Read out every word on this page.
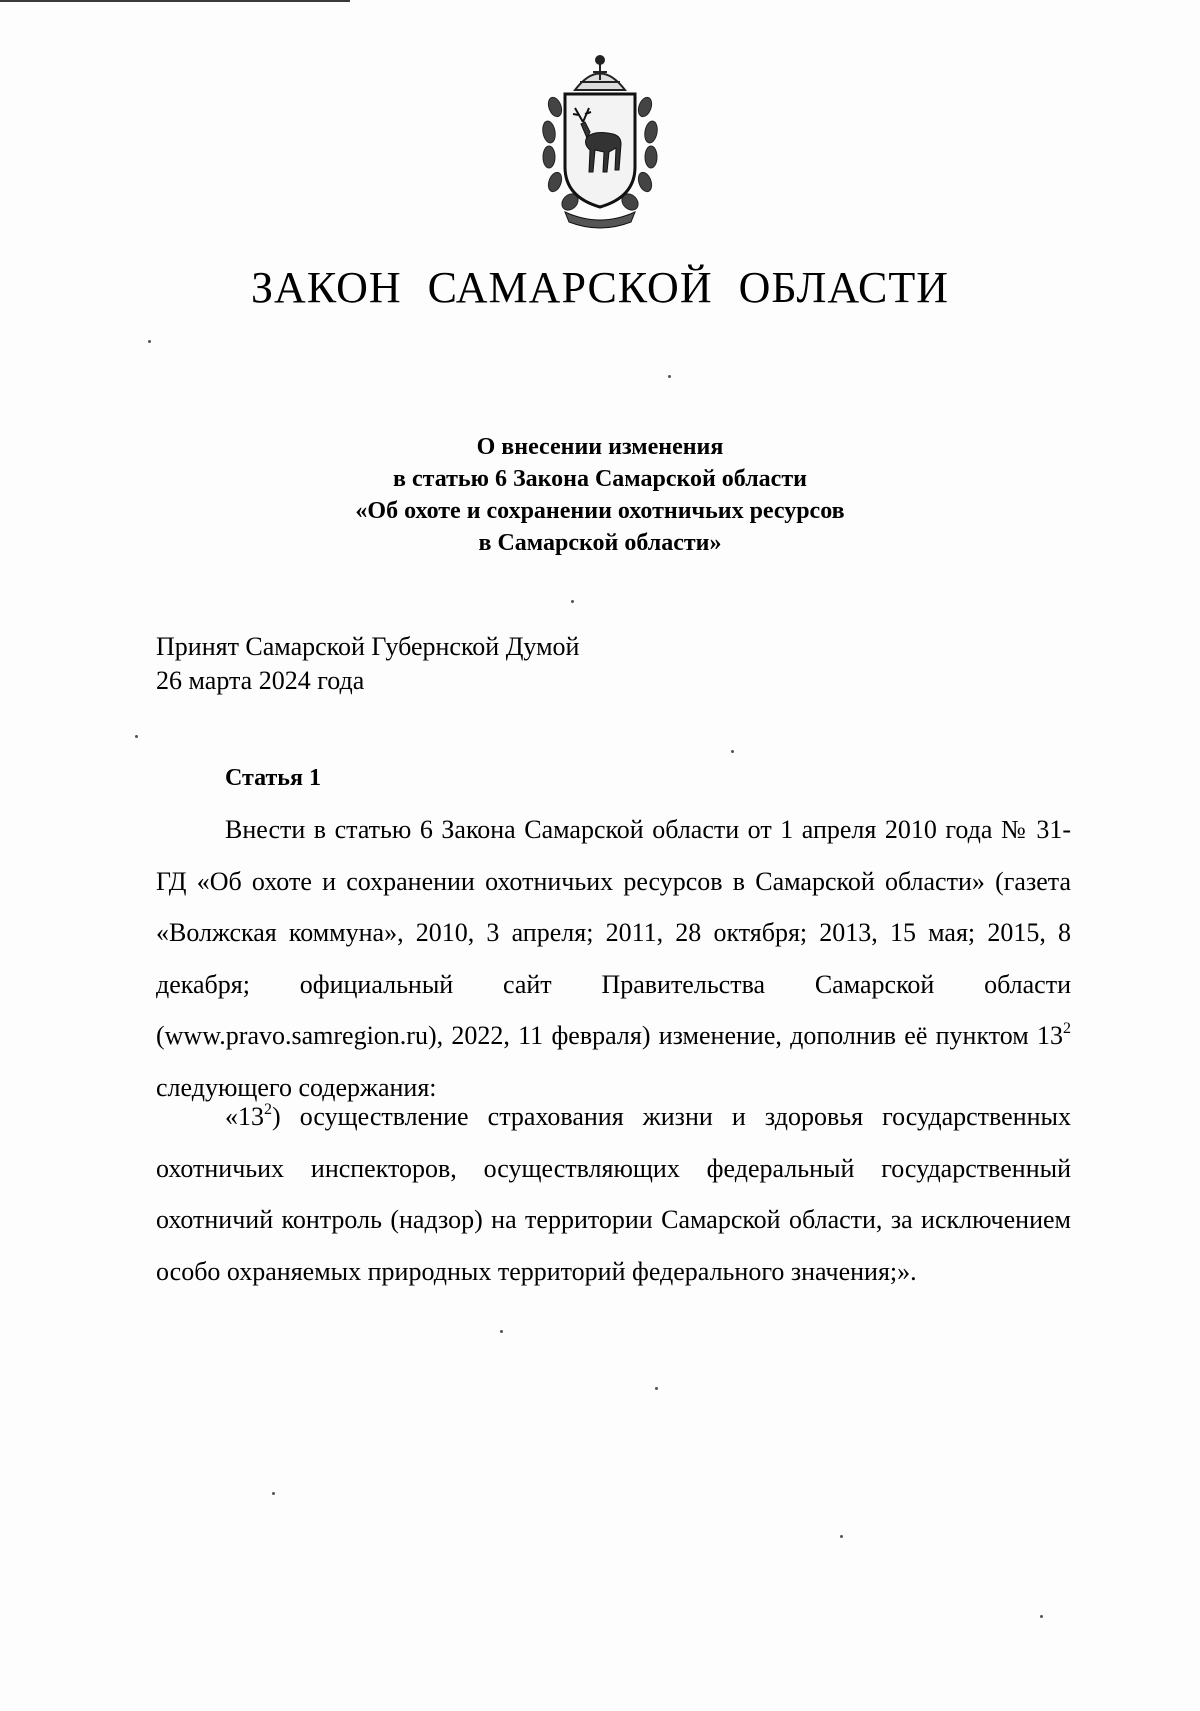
ЗАКОН САМАРСКОЙ ОБЛАСТИ
О внесении изменения
в статью 6 Закона Самарской области
«Об охоте и сохранении охотничьих ресурсов
в Самарской области»
Принят Самарской Губернской Думой
26 марта 2024 года
Статья 1

Внести в статью 6 Закона Самарской области от 1 апреля 2010 года № 31-ГД «Об охоте и сохранении охотничьих ресурсов в Самарской области» (газета «Волжская коммуна», 2010, 3 апреля; 2011, 28 октября; 2013, 15 мая; 2015, 8 декабря; официальный сайт Правительства Самарской области (www.pravo.samregion.ru), 2022, 11 февраля) изменение, дополнив её пунктом $13^2$ следующего содержания:

«$13^2$) осуществление страхования жизни и здоровья государственных охотничьих инспекторов, осуществляющих федеральный государственный охотничий контроль (надзор) на территории Самарской области, за исключением особо охраняемых природных территорий федерального значения;».
